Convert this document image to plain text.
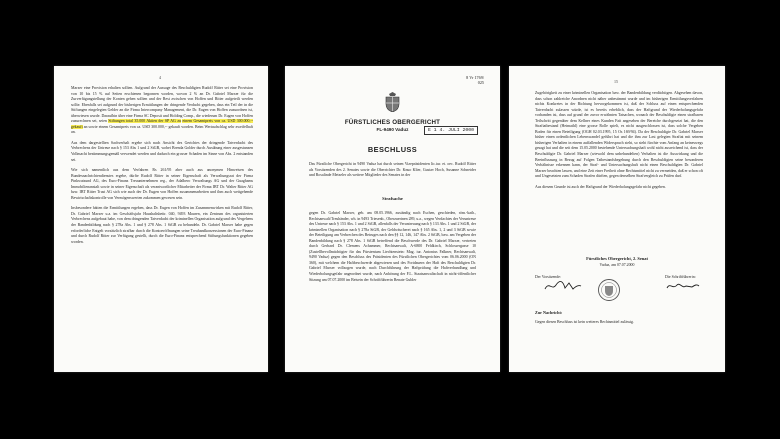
4

Marxer eine Provision erhalten sollten. Aufgrund der Aussage des Beschuldigten Rudolf Ritter sei eine Provision von 10 bis 15 % auf Seiten erschienen begonnen worden, wovon 2 % an Dr. Gabriel Marxer für die Zurverfügungstellung der Konten gehen sollten und der Rest zwischen von Hoffen und Ritter aufgeteilt werden sollte. Ebenfalls sei aufgrund der bisherigen Ermittlungen der dringende Verdacht gegeben, dass ein Teil der in die Stiftungen eingelegten Gelder an die Firma Intercompany Management, die Dr. Eugen von Hoffen zuzuordnen ist, überwiesen wurde. Daraufhin über eine Firma SC Deposit und Holding Comp., die wiederum Dr. Eugen von Hoffen zuzurechnen sei, seien Stiftungen total 35.000 Aktien der SP AG zu einem Gesamtpreis von ca. USD 300.000,-- gekauft an sowie einem Gesamtpreis von ca. USD 300.000,-- gekauft worden. Beim Wertaufschlag sehr zweifelhaft an.

Aus dem dargestellten Sachverhalt ergebe sich nach Ansicht des Gerichtes der dringende Tatverdacht des Verbrechens der Untreue nach § 153 Abs 1 und 2 StGB, wobei Brenda Golder durch Ausübung einer ausgestanzen Vollmacht bestimmungsgemäß verwendet werden und dadurch ein grosser Schaden im Sinne von Abs. 2 entstanden sei.

Wie sich namentlich aus dem Verfahren Rs 261/95 aber auch aus anonymen Hinweisen des Bundesnachrichtendienstes ergebe, dürfte Rudolf Ritter in seiner Eigenschaft als Verwaltungsrat der Firma Pinkwatsund AG, des Euro-Finanz Treuunternehmen reg., der Adalbero Verwaltungs AG und der Guaghams Immobilienanstalt sowie in seiner Eigenschaft als verantwortlicher Mitarbeiter der Firma IBT Dr. Walter Ritter AG bzw. IBT Ritter Trust AG sich wie auch der Dr. Eugen von Hoffen zusammenarbeiten und ihm auch weitgehende Bewirtschaftskontrolle von Vermögenswerten zukommen gewesen sein.

Insbesondere hätten die Ermittlungen ergeben, dass Dr. Eugen von Hoffen im Zusammenwirken mit Rudolf Ritter, Dr. Gabriel Marxer u.a. im Geschäftsjahr Haushaltsbeitr. 040, 9493 Mauren, ein Zentrum des organisierten Verbrechens aufgebaut habe, von dem dringenden Tatverdacht der kriminellen Organisation aufgrund des Vergehens der Bandenbildung nach § 278a Abs. 1 und § 278 Abs. 1 StGB zu behandeln. Dr. Gabriel Marxer habe gegen erforderliche Entgelt vorsätzlich strafbar durch die Kontoeröffnungen seine Treuhandkonzessionen der Euro-Finanz und durch Rudolf Ritter zur Verfügung gestellt, durch die Euro-Finanz entsprechend Stiftungsfunktionen gegeben worden.

8 Vr 1769/
025
FÜRSTLICHES OBERGERICHT
FL-9490 Vaduz	E 1 4. JULI 2000
BESCHLUSS
Das Fürstliche Obergericht in 9490 Vaduz hat durch seinen Vizepräsidenten lic.iur. et. oec. Rudolf Ritter als Vorsitzenden des 2. Senates sowie die Oberrichter Dr. Knuo Klier, Gustav Hoch, Susanne Schneider und Rosalinde Metzeler als weitere Mitglieder des Senates in der
Strafsache
gegen Dr. Gabriel Marxer, geb. am 08.05.1966, zuständig nach Eschen, geschieden, röm.-kath., Rechtsanwalt/Treuhänder, wh. in 9493 Triesenb., Oberzuerinen 289, u.a., wegen Verdachtes der Veruntreue des Untreue nach § 153 Abs. 1 und 2 StGB, allenfalls der Veruntreuung nach § 133 Abs. 1 und 2 StGB, der kriminellen Organisation nach § 278a StGB, der Geldwäscherei nach § 165 Abs. 1, 2 und 3 StGB sowie der Beteiligung am Verbrechen des Betruges nach den §§ 12, 146, 147 Abs. 2 StGB, bzw. am Vergehen der Bandenbildung nach § 278 Abs. 1 StGB betreffend die Beschwerde des Dr. Gabriel Marxer, vertreten durch Gerhard Dr. Clemens Achammer, Rechtsanwalt, A-6800 Feldkirch, Schlossergasse 10 (Zustellbevollmächtigter für das Fürstentum Liechtenstein: Mag. iur. Antonius Falkner, Rechtsanwalt, 9490 Vaduz) gegen den Beschluss des Präsidenten des Fürstlichen Obergerichtes vom 06.06.2000 (ON 360), mit welchem die Haftbeschwerde abgewiesen und des Fortdauern der Haft des Beschuldigten Dr. Gabriel Marxer vollzogen wurde, nach Durchführung der Haftprüfung die Haftverhandlung und Wiederholungsgefahr angeordnet wurde, nach Anhörung der F.L. Staatsanwaltschaft in nicht-öffentlicher Sitzung am 07.07.2000 im Beisein der Schriftführerin Renate Gubler
15

Zugehörigkeit zu einer kriminellen Organisation bzw. der Bandenbildung verdächtigen. Abgesehen davon, dass schon zahlreiche Anordnen nicht näher unbestimmt wurde und im bisherigen Ermittlungsverfahren nichts Konkretes in der Richtung hervorgekommen ist, daß der Schluss auf einen entsprechenden Tatverdacht zulassen würde, ist es bereits erheblich, dass der Haftgrund der Wiederholungsgefahr vorhanden ist, dass auf grund der zuvor erwähnten Tatsachen, wonach der Beschuldigte einen strafbaren Teilschritt gegenüber dem Kellner eines Kunden Fait angesehen der Bereiche durchgesetzt hat, die den Straftatbestand (Heimathl) eine grosse Rolle spielt, es nicht ausgeschlossen ist, dass solche Vergehen Boden für einen Beteiligung (OGH 02.03.1995, 15 Os 169/94). Da der Beschuldigte Dr. Gabriel Marxer bisher einen ordentlichen Lebenswandel geführt hat und die ihm zur Last gelegten Straftat mit seinem bisherigen Verhalten in einem auffallenden Widerspruch steht, so sieht fürchte vom Anfang an keineswegs gesagt hat und die seit dem 15.05.2000 bestehende Untersuchungshaft wohl nicht ausreichend ist, dass der Beschuldigte Dr. Gabriel Marxer (wiewohl dem unbehandelten) Verhalten ist die Auswirkung und die Beeinflussung in Bezug auf Folgen Tatbestandsbegehung durch den Beschuldigten seine besonderen Verhältnisse erkennen kann, der Straf- und Untersuchungshaft nicht einen Beschuldigten Dr. Gabriel Marxer beachten lassen, und eine Zeit einer Freiheit ohne Rechtsmittel nicht zu vermeiden, daß er schon oft und Ungesetzten zum Schaden Strafen dürften, gegen denselben Strafvergleich zu Prüfen darf.

Aus diesem Grunde ist auch der Haftgrund der Wiederholungsgefahr nicht gegeben.

Fürstliches Obergericht, 2. Senat
Vaduz, am 07.07.2000
Der Vorsitzende:	Die Schriftführerin:
Zur Nachricht:
Gegen diesen Beschluss ist kein weiteres Rechtsmittel zulässig.
